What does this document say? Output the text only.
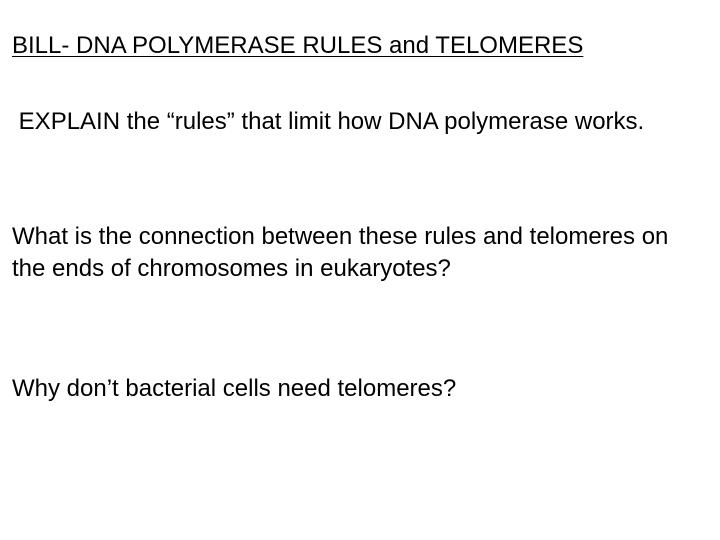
BILL- DNA POLYMERASE RULES and TELOMERES

EXPLAIN the “rules” that limit how DNA polymerase works.

What is the connection between these rules and telomeres on the ends of chromosomes in eukaryotes?

Why don’t bacterial cells need telomeres?
